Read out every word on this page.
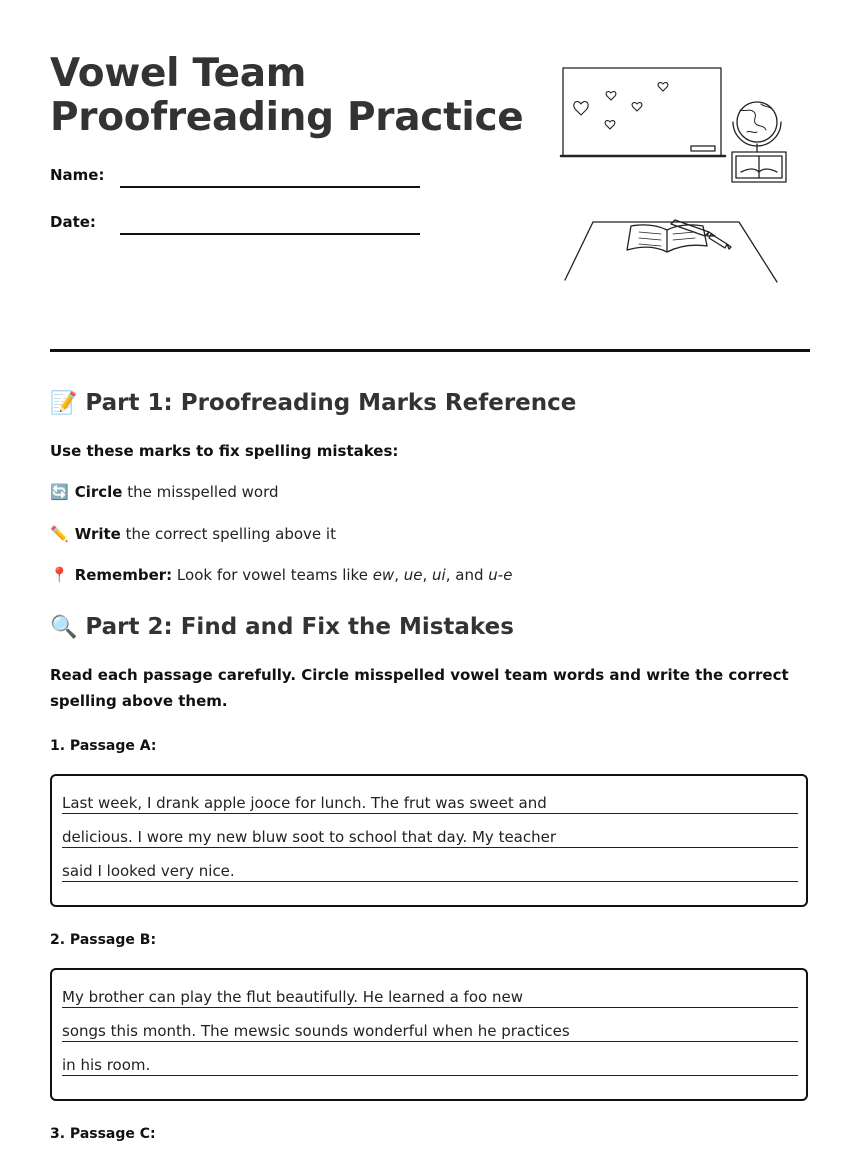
Vowel Team
Proofreading Practice
Name:
Date:
📝 Part 1: Proofreading Marks Reference
Use these marks to fix spelling mistakes:
🔄 Circle the misspelled word
✏️ Write the correct spelling above it
📍 Remember: Look for vowel teams like ew, ue, ui, and u-e
🔍 Part 2: Find and Fix the Mistakes
Read each passage carefully. Circle misspelled vowel team words and write the correct spelling above them.
1. Passage A:
Last week, I drank apple jooce for lunch. The frut was sweet and
delicious. I wore my new bluw soot to school that day. My teacher
said I looked very nice.
2. Passage B:
My brother can play the flut beautifully. He learned a foo new
songs this month. The mewsic sounds wonderful when he practices
in his room.
3. Passage C:
